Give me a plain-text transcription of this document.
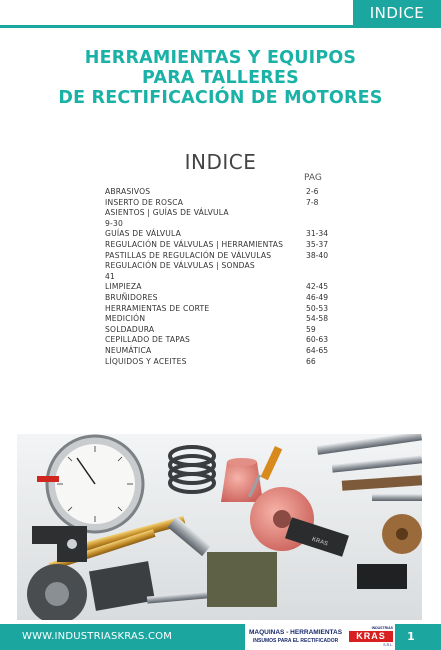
INDICE
HERRAMIENTAS Y EQUIPOS
PARA TALLERES
DE RECTIFICACIÓN DE MOTORES
INDICE
PAG
ABRASIVOS	2-6
INSERTO DE ROSCA	7-8
ASIENTOS | GUÍAS DE VÁLVULA
9-30
GUÍAS DE VÁLVULA	31-34
REGULACIÓN DE VÁLVULAS | HERRAMIENTAS	35-37
PASTILLAS DE REGULACIÓN DE VÁLVULAS	38-40
REGULACIÓN DE VÁLVULAS | SONDAS
41
LIMPIEZA	42-45
BRUÑIDORES	46-49
HERRAMIENTAS DE CORTE	50-53
MEDICIÓN	54-58
SOLDADURA	59
CEPILLADO DE TAPAS	60-63
NEUMÁTICA	64-65
LÍQUIDOS Y ACEITES	66
KRAS
WWW.INDUSTRIASKRAS.COM	MAQUINAS - HERRAMIENTAS
INSUMOS PARA EL RECTIFICADOR
INDUSTRIAS
KRAS
S.R.L.
1
